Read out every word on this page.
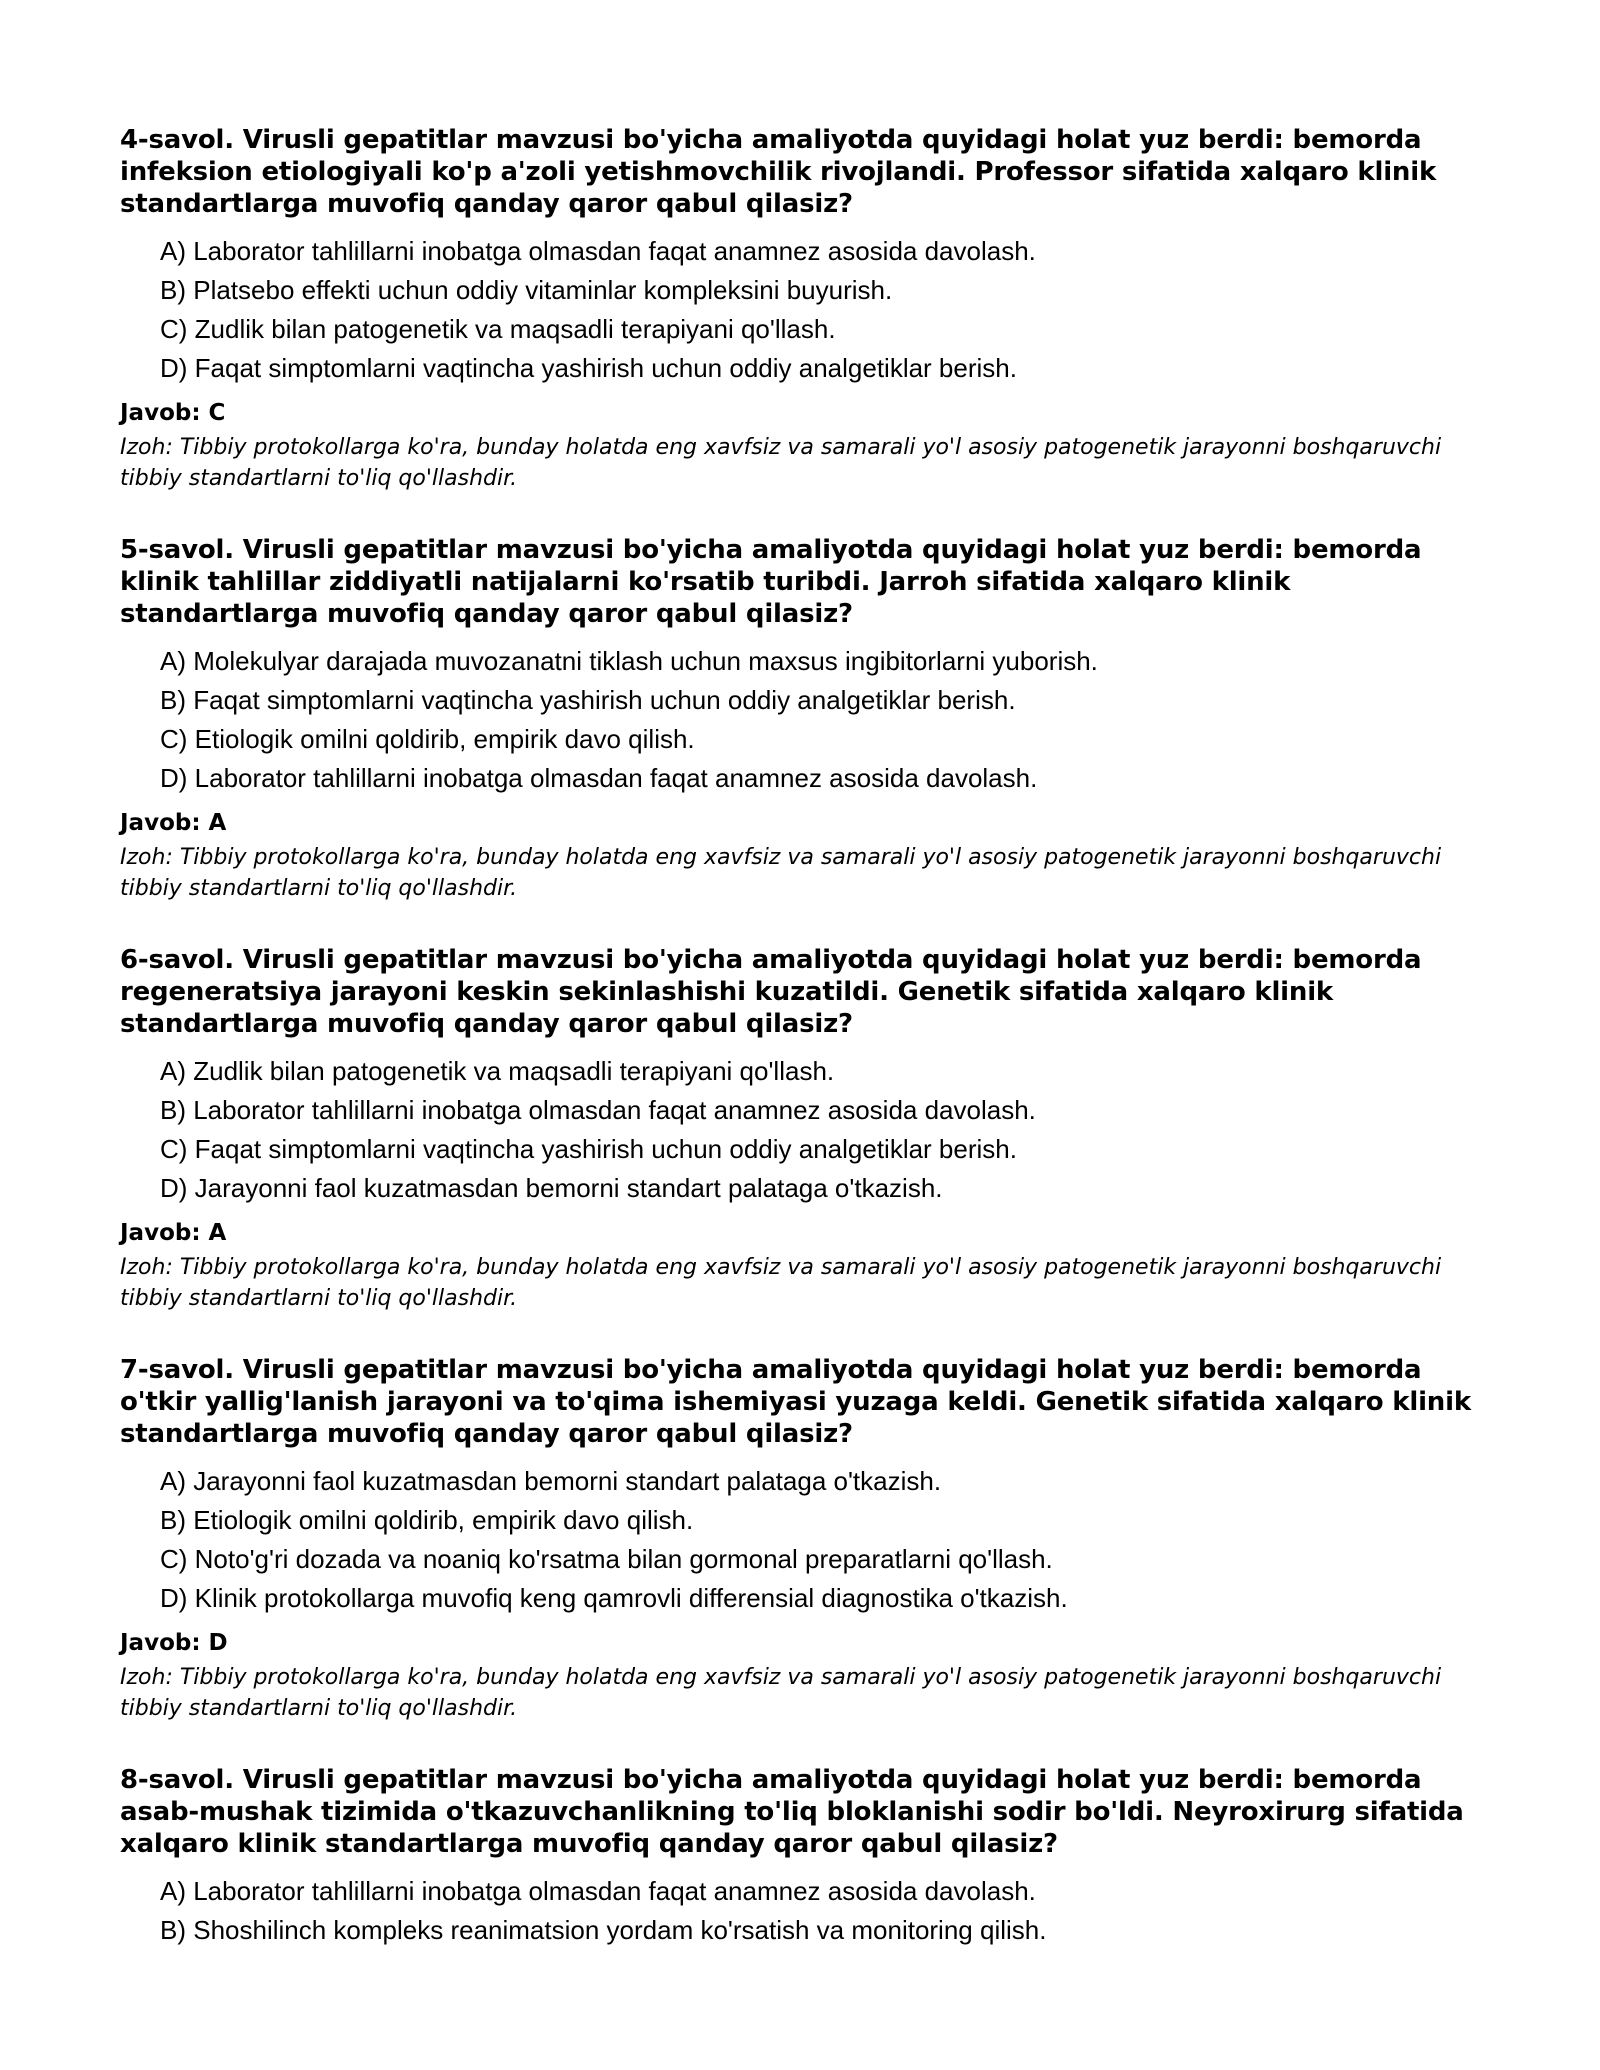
4-savol. Virusli gepatitlar mavzusi bo'yicha amaliyotda quyidagi holat yuz berdi: bemorda infeksion etiologiyali ko'p a'zoli yetishmovchilik rivojlandi. Professor sifatida xalqaro klinik standartlarga muvofiq qanday qaror qabul qilasiz?

A) Laborator tahlillarni inobatga olmasdan faqat anamnez asosida davolash.
B) Platsebo effekti uchun oddiy vitaminlar kompleksini buyurish.
C) Zudlik bilan patogenetik va maqsadli terapiyani qo'llash.
D) Faqat simptomlarni vaqtincha yashirish uchun oddiy analgetiklar berish.

Javob: C

Izoh: Tibbiy protokollarga ko'ra, bunday holatda eng xavfsiz va samarali yo'l asosiy patogenetik jarayonni boshqaruvchi tibbiy standartlarni to'liq qo'llashdir.

5-savol. Virusli gepatitlar mavzusi bo'yicha amaliyotda quyidagi holat yuz berdi: bemorda klinik tahlillar ziddiyatli natijalarni ko'rsatib turibdi. Jarroh sifatida xalqaro klinik standartlarga muvofiq qanday qaror qabul qilasiz?

A) Molekulyar darajada muvozanatni tiklash uchun maxsus ingibitorlarni yuborish.
B) Faqat simptomlarni vaqtincha yashirish uchun oddiy analgetiklar berish.
C) Etiologik omilni qoldirib, empirik davo qilish.
D) Laborator tahlillarni inobatga olmasdan faqat anamnez asosida davolash.

Javob: A

Izoh: Tibbiy protokollarga ko'ra, bunday holatda eng xavfsiz va samarali yo'l asosiy patogenetik jarayonni boshqaruvchi tibbiy standartlarni to'liq qo'llashdir.

6-savol. Virusli gepatitlar mavzusi bo'yicha amaliyotda quyidagi holat yuz berdi: bemorda regeneratsiya jarayoni keskin sekinlashishi kuzatildi. Genetik sifatida xalqaro klinik standartlarga muvofiq qanday qaror qabul qilasiz?

A) Zudlik bilan patogenetik va maqsadli terapiyani qo'llash.
B) Laborator tahlillarni inobatga olmasdan faqat anamnez asosida davolash.
C) Faqat simptomlarni vaqtincha yashirish uchun oddiy analgetiklar berish.
D) Jarayonni faol kuzatmasdan bemorni standart palataga o'tkazish.

Javob: A

Izoh: Tibbiy protokollarga ko'ra, bunday holatda eng xavfsiz va samarali yo'l asosiy patogenetik jarayonni boshqaruvchi tibbiy standartlarni to'liq qo'llashdir.

7-savol. Virusli gepatitlar mavzusi bo'yicha amaliyotda quyidagi holat yuz berdi: bemorda o'tkir yallig'lanish jarayoni va to'qima ishemiyasi yuzaga keldi. Genetik sifatida xalqaro klinik standartlarga muvofiq qanday qaror qabul qilasiz?

A) Jarayonni faol kuzatmasdan bemorni standart palataga o'tkazish.
B) Etiologik omilni qoldirib, empirik davo qilish.
C) Noto'g'ri dozada va noaniq ko'rsatma bilan gormonal preparatlarni qo'llash.
D) Klinik protokollarga muvofiq keng qamrovli differensial diagnostika o'tkazish.

Javob: D

Izoh: Tibbiy protokollarga ko'ra, bunday holatda eng xavfsiz va samarali yo'l asosiy patogenetik jarayonni boshqaruvchi tibbiy standartlarni to'liq qo'llashdir.

8-savol. Virusli gepatitlar mavzusi bo'yicha amaliyotda quyidagi holat yuz berdi: bemorda asab-mushak tizimida o'tkazuvchanlikning to'liq bloklanishi sodir bo'ldi. Neyroxirurg sifatida xalqaro klinik standartlarga muvofiq qanday qaror qabul qilasiz?

A) Laborator tahlillarni inobatga olmasdan faqat anamnez asosida davolash.
B) Shoshilinch kompleks reanimatsion yordam ko'rsatish va monitoring qilish.
